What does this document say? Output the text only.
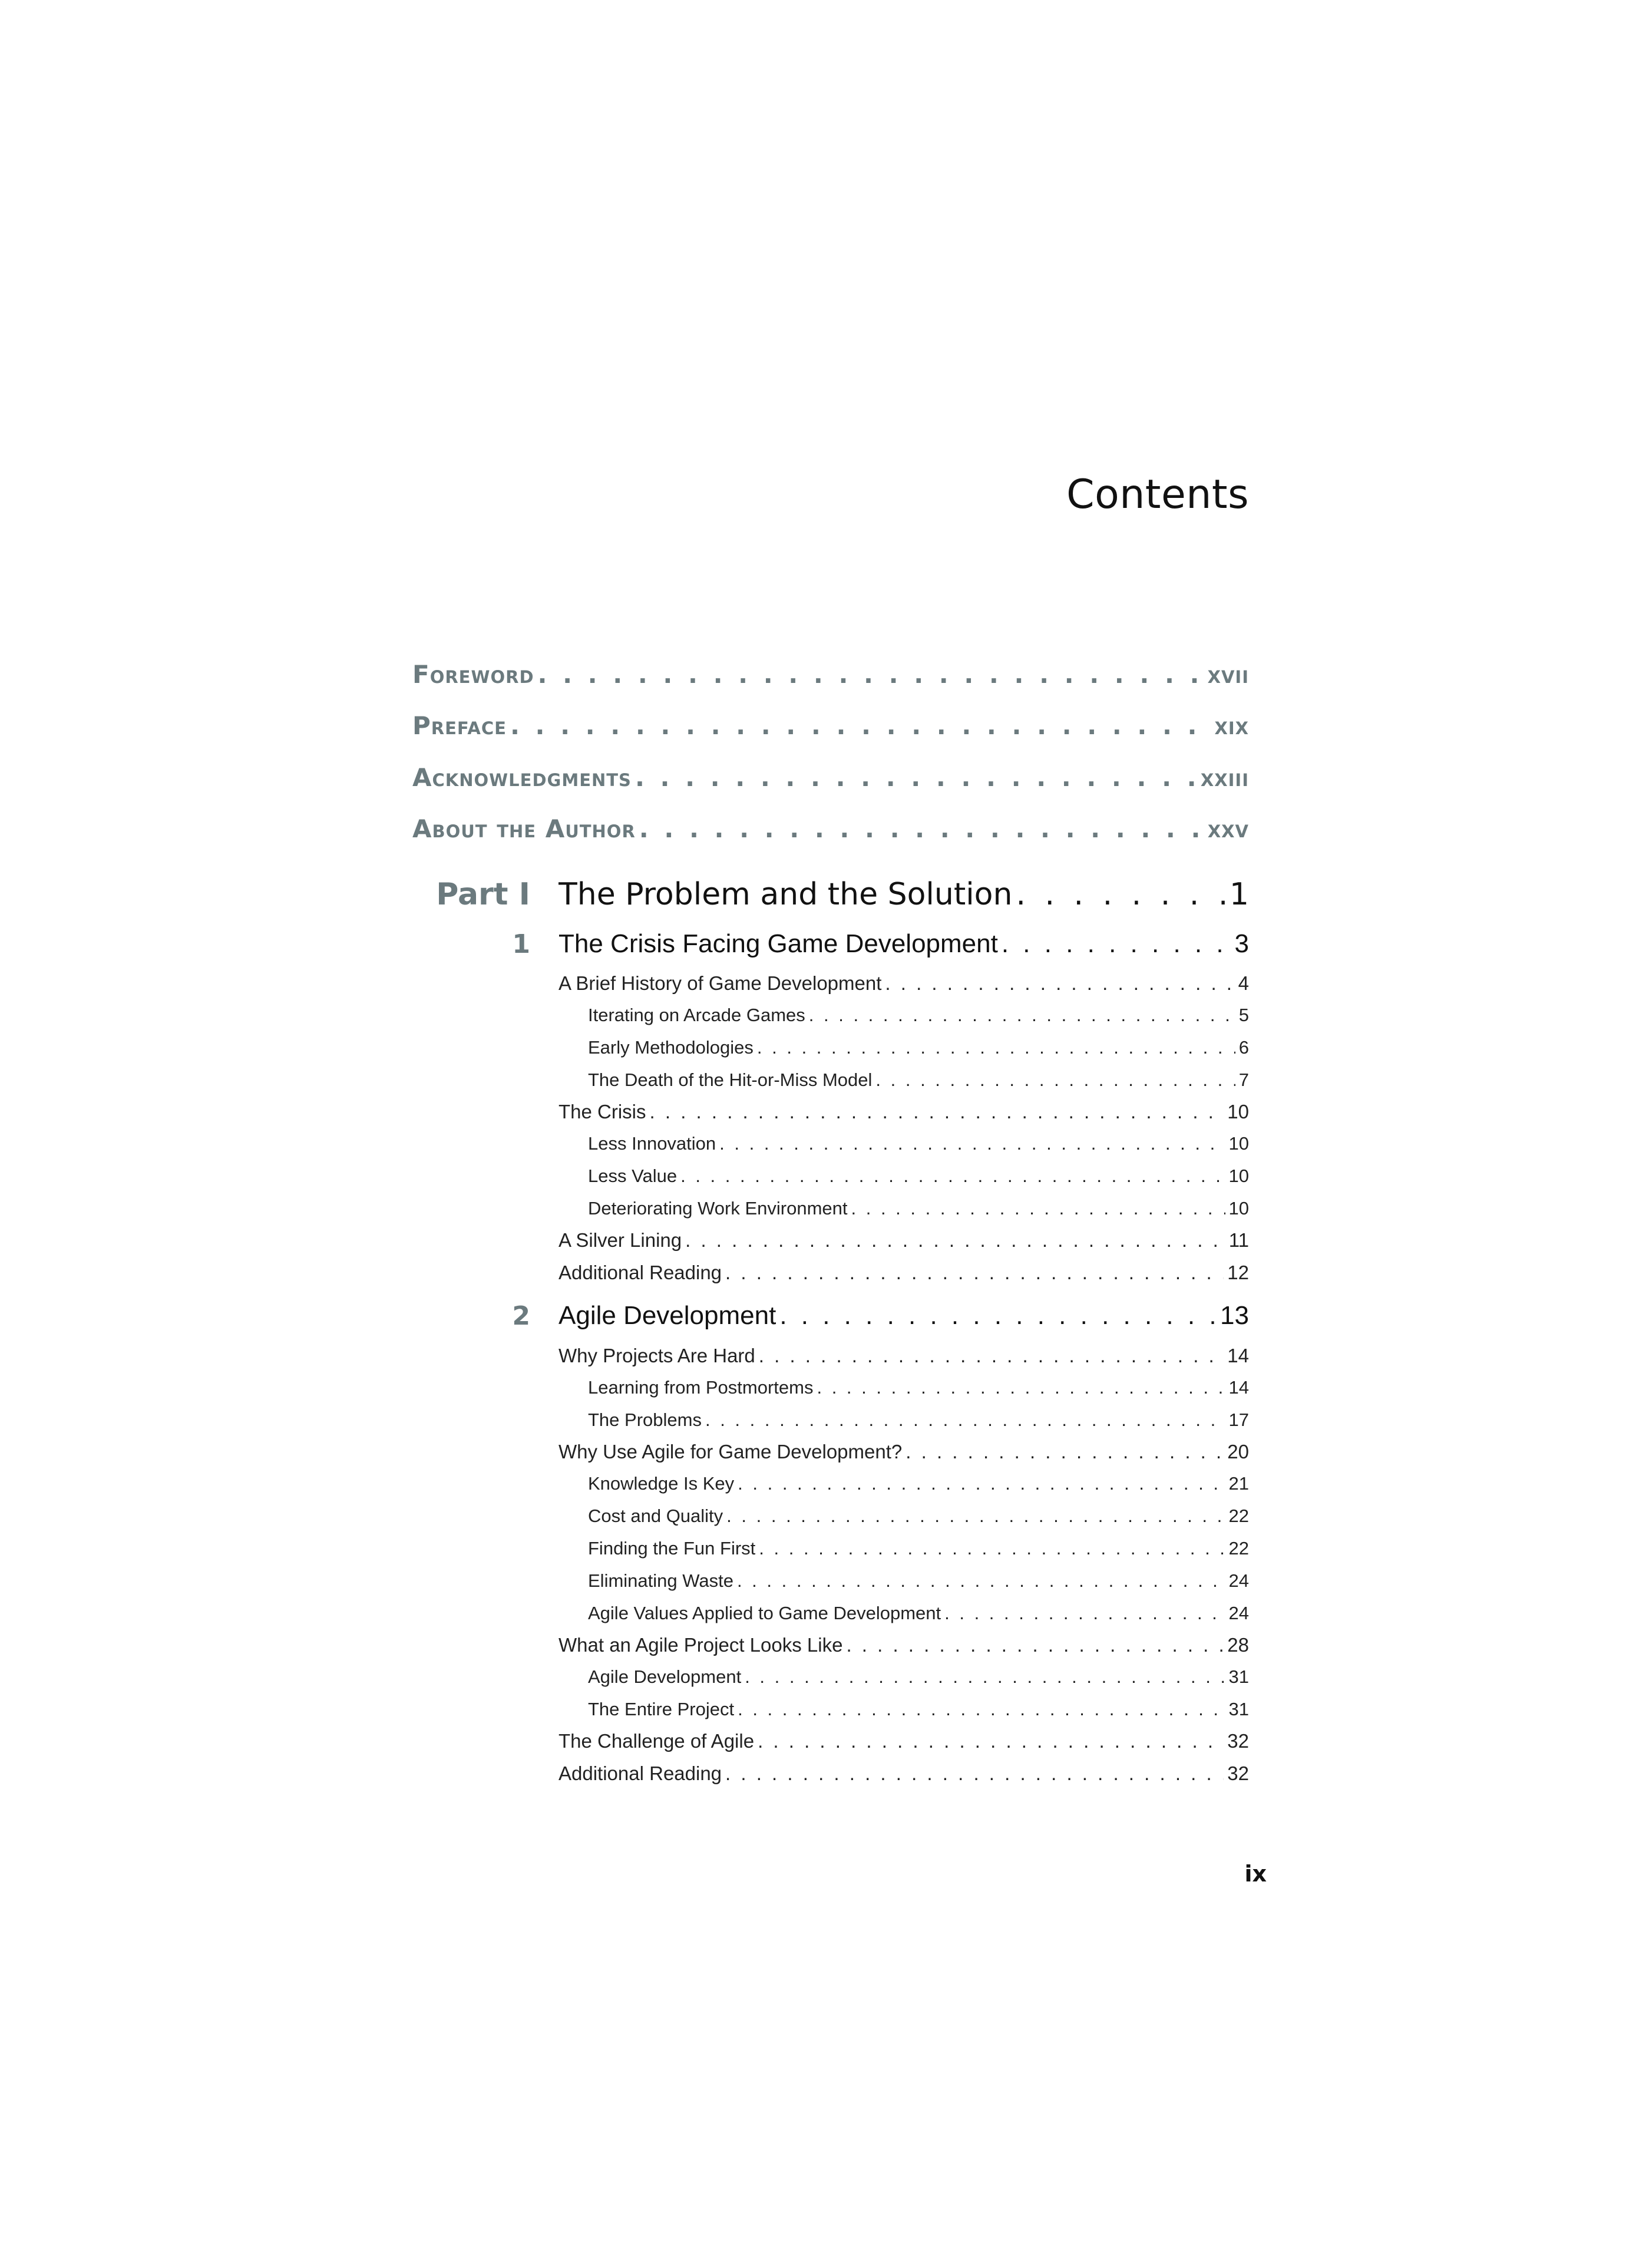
Contents
Foreword . . .	xvii
Preface . . .	xix
Acknowledgments . . .	xxiii
About the Author . . .	xxv
Part I The Problem and the Solution . . .	1
1 The Crisis Facing Game Development . . .	3
A Brief History of Game Development . . .	4
Iterating on Arcade Games . . .	5
Early Methodologies . . .	6
The Death of the Hit-or-Miss Model . . .	7
The Crisis . . .	10
Less Innovation . . .	10
Less Value . . .	10
Deteriorating Work Environment . . .	10
A Silver Lining . . .	11
Additional Reading . . .	12
2 Agile Development . . .	13
Why Projects Are Hard . . .	14
Learning from Postmortems . . .	14
The Problems . . .	17
Why Use Agile for Game Development? . . .	20
Knowledge Is Key . . .	21
Cost and Quality . . .	22
Finding the Fun First . . .	22
Eliminating Waste . . .	24
Agile Values Applied to Game Development . . .	24
What an Agile Project Looks Like . . .	28
Agile Development . . .	31
The Entire Project . . .	31
The Challenge of Agile . . .	32
Additional Reading . . .	32
ix
